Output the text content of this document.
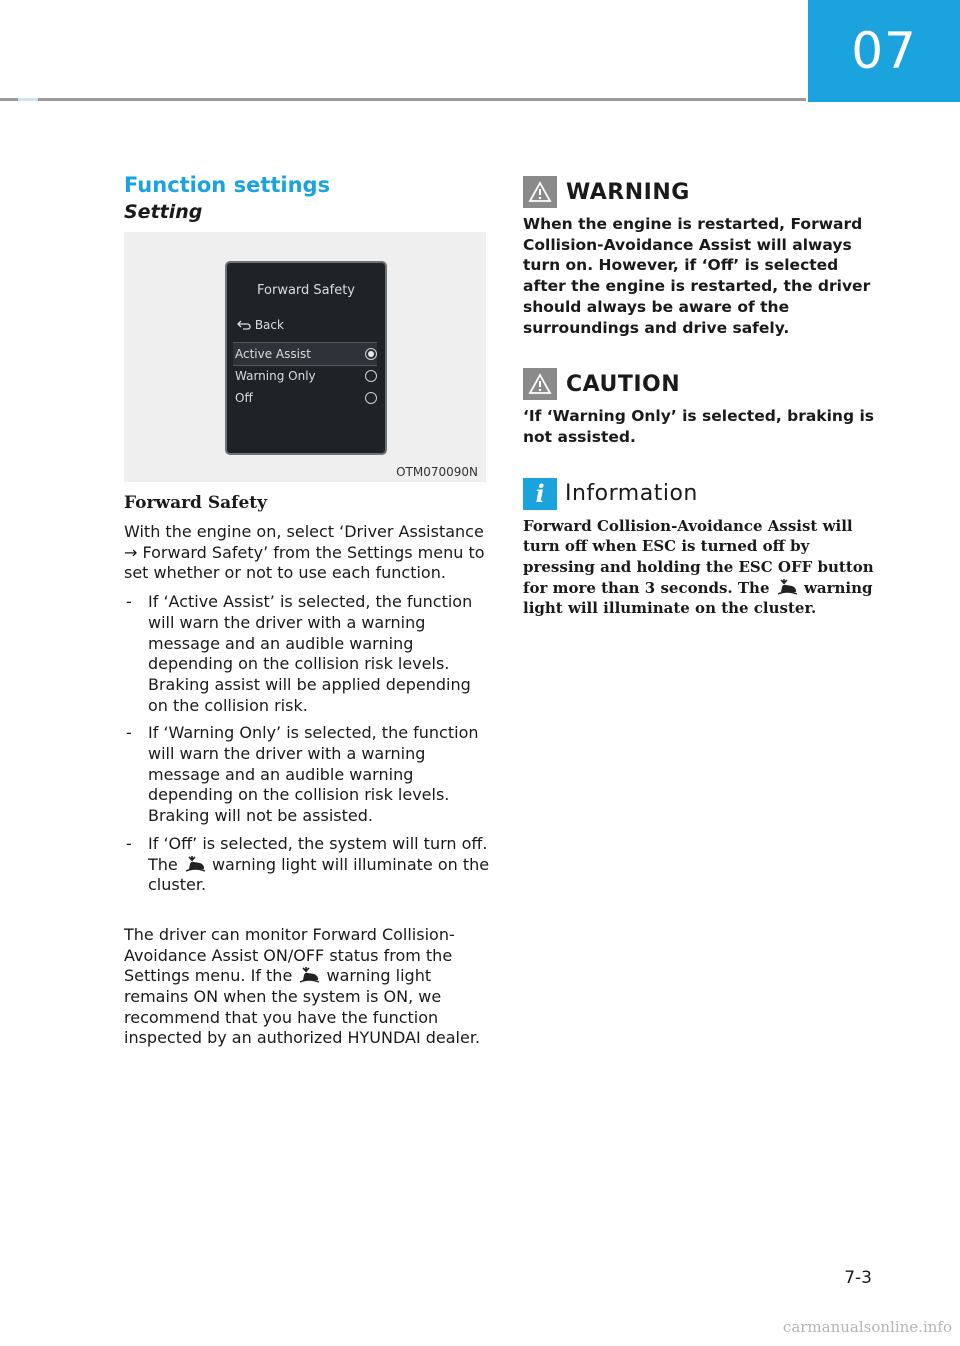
07
Function settings
Setting
Forward Safety
Back
Active Assist
Warning Only
Off
OTM070090N
Forward Safety

With the engine on, select ‘Driver Assistance → Forward Safety’ from the Settings menu to set whether or not to use each function.

- If ‘Active Assist’ is selected, the function will warn the driver with a warning message and an audible warning depending on the collision risk levels. Braking assist will be applied depending on the collision risk.
- If ‘Warning Only’ is selected, the function will warn the driver with a warning message and an audible warning depending on the collision risk levels. Braking will not be assisted.
- If ‘Off’ is selected, the system will turn off. The warning light will illuminate on the cluster.

The driver can monitor Forward Collision-Avoidance Assist ON/OFF status from the Settings menu. If the warning light remains ON when the system is ON, we recommend that you have the function inspected by an authorized HYUNDAI dealer.

WARNING

When the engine is restarted, Forward Collision-Avoidance Assist will always turn on. However, if ‘Off’ is selected after the engine is restarted, the driver should always be aware of the surroundings and drive safely.

CAUTION

‘If ‘Warning Only’ is selected, braking is not assisted.

i Information

Forward Collision-Avoidance Assist will turn off when ESC is turned off by pressing and holding the ESC OFF button for more than 3 seconds. The warning light will illuminate on the cluster.

7-3
carmanualsonline.info
